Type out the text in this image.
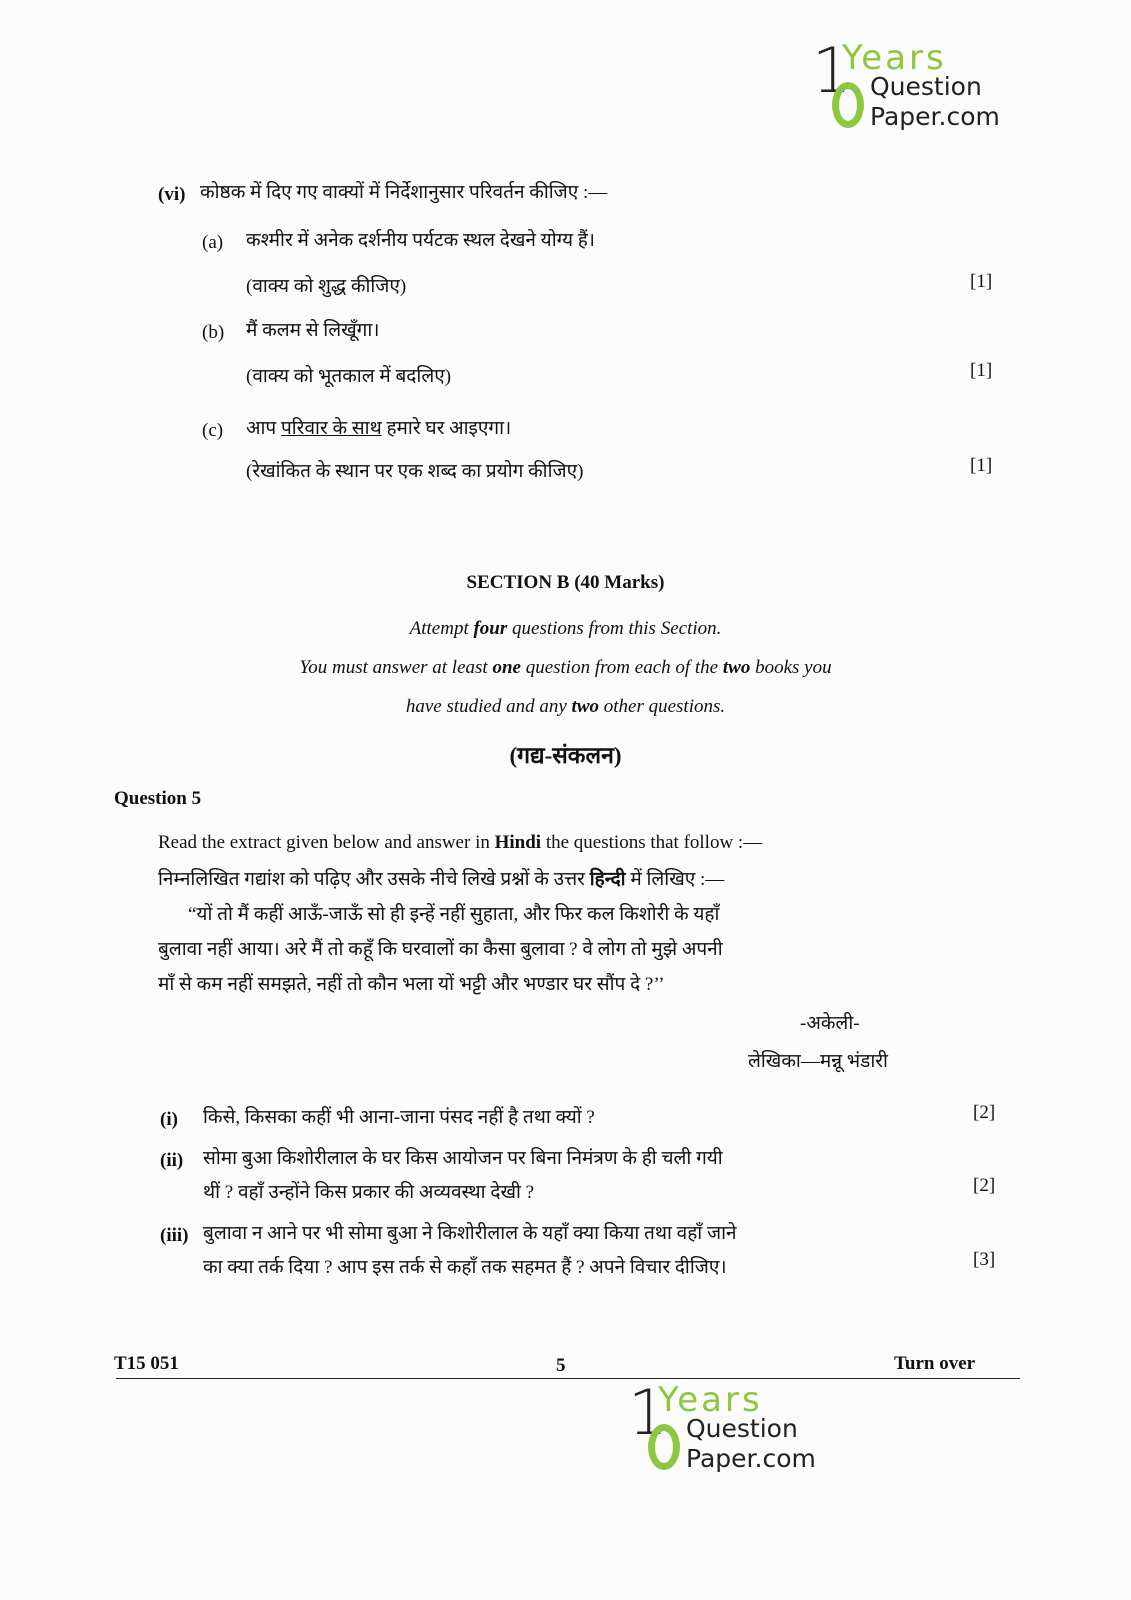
1
Years
Question
Paper.com
(vi) कोष्ठक में दिए गए वाक्यों में निर्देशानुसार परिवर्तन कीजिए :—
(a) कश्मीर में अनेक दर्शनीय पर्यटक स्थल देखने योग्य हैं।
(वाक्य को शुद्ध कीजिए)	[1]
(b) मैं कलम से लिखूँगा।
(वाक्य को भूतकाल में बदलिए)	[1]
(c) आप परिवार के साथ हमारे घर आइएगा।
(रेखांकित के स्थान पर एक शब्द का प्रयोग कीजिए)	[1]
SECTION B (40 Marks)
Attempt four questions from this Section.
You must answer at least one question from each of the two books you
have studied and any two other questions.
(गद्य-संकलन)
Question 5
Read the extract given below and answer in Hindi the questions that follow :—
निम्नलिखित गद्यांश को पढ़िए और उसके नीचे लिखे प्रश्नों के उत्तर हिन्दी में लिखिए :—
“यों तो मैं कहीं आऊँ-जाऊँ सो ही इन्हें नहीं सुहाता, और फिर कल किशोरी के यहाँ
बुलावा नहीं आया। अरे मैं तो कहूँ कि घरवालों का कैसा बुलावा ? वे लोग तो मुझे अपनी
माँ से कम नहीं समझते, नहीं तो कौन भला यों भट्टी और भण्डार घर सौंप दे ?’’
-अकेली-
लेखिका—मन्नू भंडारी
(i) किसे, किसका कहीं भी आना-जाना पंसद नहीं है तथा क्यों ?	[2]
(ii) सोमा बुआ किशोरीलाल के घर किस आयोजन पर बिना निमंत्रण के ही चली गयी
थीं ? वहाँ उन्होंने किस प्रकार की अव्यवस्था देखी ?	[2]
(iii) बुलावा न आने पर भी सोमा बुआ ने किशोरीलाल के यहाँ क्या किया तथा वहाँ जाने
का क्या तर्क दिया ? आप इस तर्क से कहाँ तक सहमत हैं ? अपने विचार दीजिए।	[3]
T15 051	5	Turn over
1
Years
Question
Paper.com
